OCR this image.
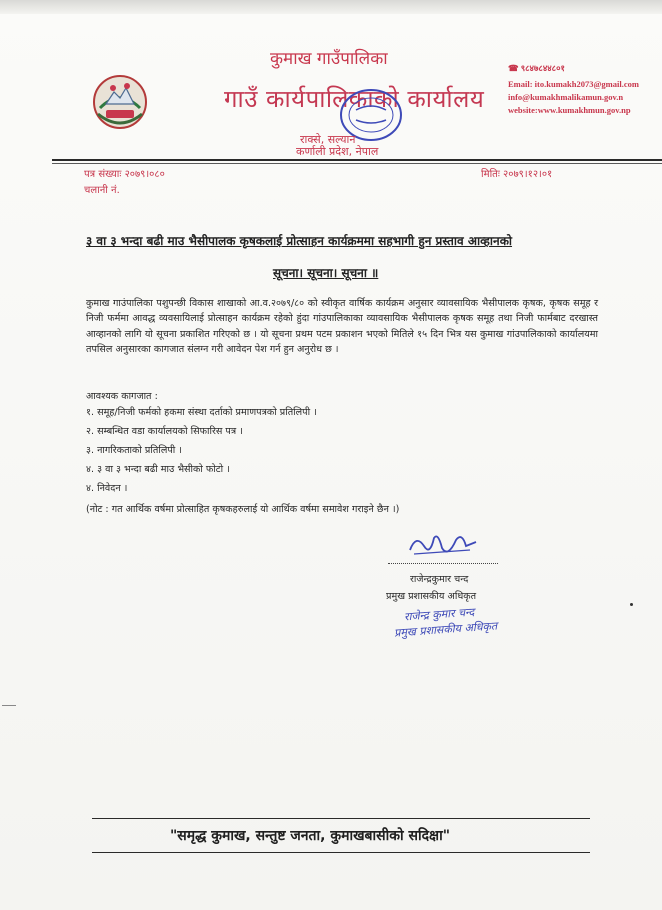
कुमाख गाउँपालिका
गाउँ कार्यपालिकाको कार्यालय
राक्से, सल्यान
कर्णाली प्रदेश, नेपाल
☎ ९८४७८४४८०१
Email: ito.kumakh2073@gmail.com
info@kumakhmalikamun.gov.n
website:www.kumakhmun.gov.np
पत्र संख्याः २०७९।०८०
चलानी नं.
मितिः २०७९।१२।०१
३ वा ३ भन्दा बढी माउ भैसीपालक कृषकलाई प्रोत्साहन कार्यक्रममा सहभागी हुन प्रस्ताव आव्हानको
सूचना। सूचना। सूचना ॥
कुमाख गाउंपालिका पशुपन्छी विकास शाखाको आ.व.२०७९/८० को स्वीकृत वार्षिक कार्यक्रम अनुसार व्यावसायिक भैसीपालक कृषक, कृषक समूह र निजी फर्ममा आवद्ध व्यवसायिलाई प्रोत्साहन कार्यक्रम रहेको हुंदा गांउपालिकाका व्यावसायिक भैसीपालक कृषक समूह तथा निजी फार्मबाट दरखास्त आव्हानको लागि यो सूचना प्रकाशित गरिएको छ । यो सूचना प्रथम पटम प्रकाशन भएको मितिले १५ दिन भित्र यस कुमाख गांउपालिकाको कार्यालयमा तपसिल अनुसारका कागजात संलग्न गरी आवेदन पेश गर्न हुन अनुरोध छ ।
आवश्यक कागजात :
१. समूह/निजी फर्मको हकमा संस्था दर्ताको प्रमाणपत्रको प्रतिलिपी ।
२. सम्बन्धित वडा कार्यालयको सिफारिस पत्र ।
३. नागरिकताको प्रतिलिपी ।
४. ३ वा ३ भन्दा बढी माउ भैसीको फोटो ।
४. निवेदन ।
(नोट : गत आर्थिक वर्षमा प्रोत्साहित कृषकहरुलाई यो आर्थिक वर्षमा समावेश गराइने छैन ।)
राजेन्द्रकुमार चन्द
प्रमुख प्रशासकीय अधिकृत
राजेन्द्र कुमार चन्द
प्रमुख प्रशासकीय अधिकृत
"समृद्ध कुमाख, सन्तुष्ट जनता, कुमाखबासीको सदिक्षा"
